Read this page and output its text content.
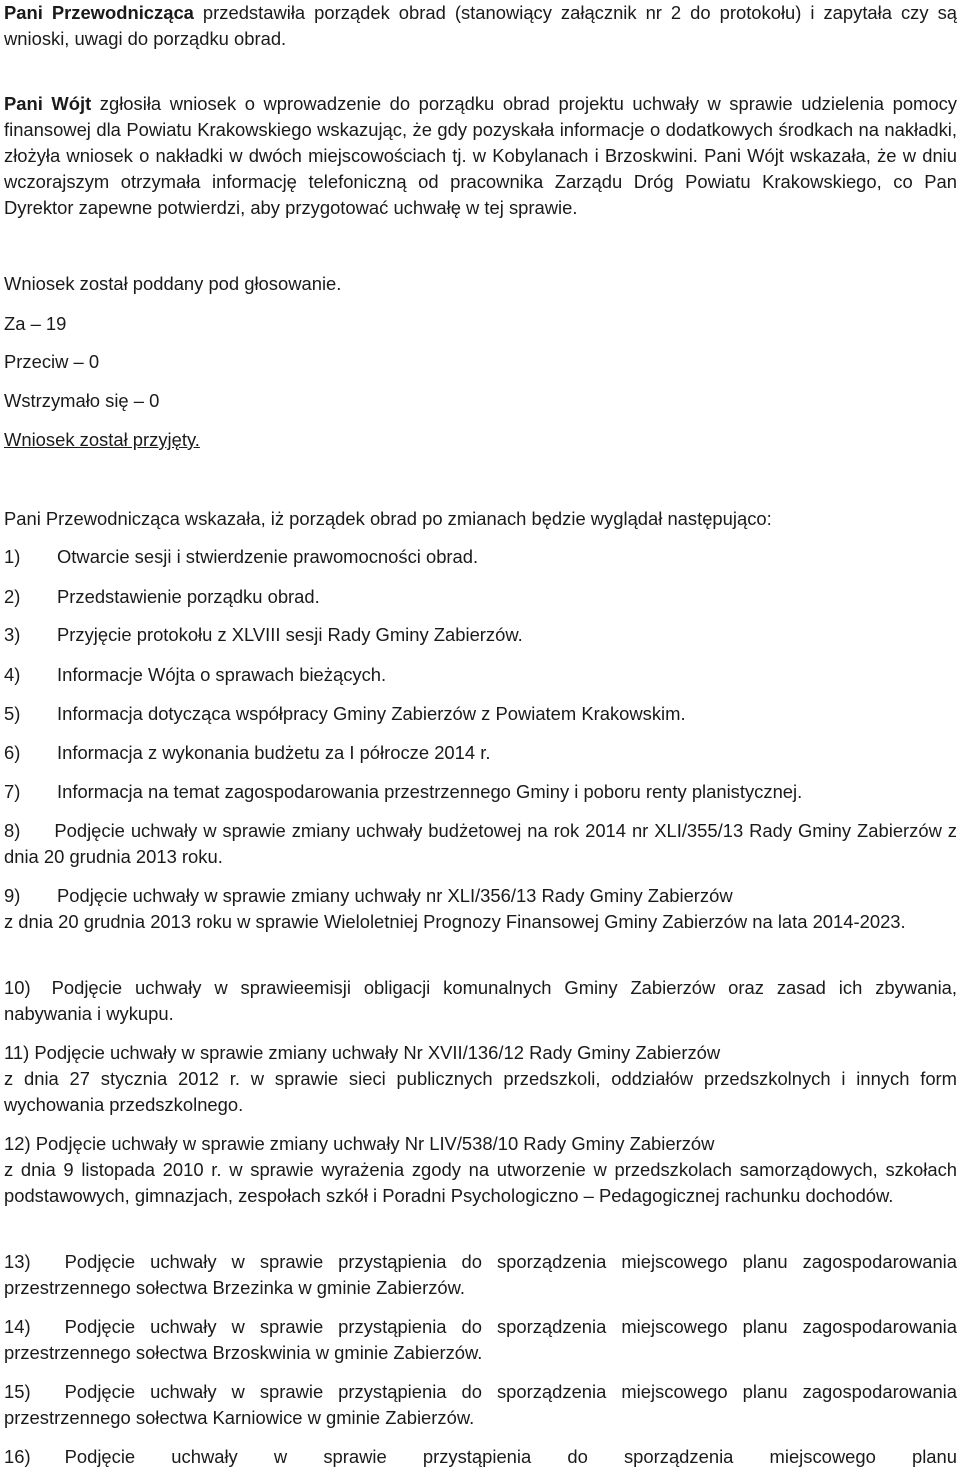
Pani Przewodnicząca przedstawiła porządek obrad (stanowiący załącznik nr 2 do protokołu) i zapytała czy są wnioski, uwagi do porządku obrad.

Pani Wójt zgłosiła wniosek o wprowadzenie do porządku obrad projektu uchwały w sprawie udzielenia pomocy finansowej dla Powiatu Krakowskiego wskazując, że gdy pozyskała informacje o dodatkowych środkach na nakładki, złożyła wniosek o nakładki w dwóch miejscowościach tj. w Kobylanach i Brzoskwini. Pani Wójt wskazała, że w dniu wczorajszym otrzymała informację telefoniczną od pracownika Zarządu Dróg Powiatu Krakowskiego, co Pan Dyrektor zapewne potwierdzi, aby przygotować uchwałę w tej sprawie.

Wniosek został poddany pod głosowanie.

Za – 19

Przeciw – 0

Wstrzymało się – 0

Wniosek został przyjęty.

Pani Przewodnicząca wskazała, iż porządek obrad po zmianach będzie wyglądał następująco:

1) Otwarcie sesji i stwierdzenie prawomocności obrad.

2) Przedstawienie porządku obrad.

3) Przyjęcie protokołu z XLVIII sesji Rady Gminy Zabierzów.

4) Informacje Wójta o sprawach bieżących.

5) Informacja dotycząca współpracy Gminy Zabierzów z Powiatem Krakowskim.

6) Informacja z wykonania budżetu za I półrocze 2014 r.

7) Informacja na temat zagospodarowania przestrzennego Gminy i poboru renty planistycznej.

8) Podjęcie uchwały w sprawie zmiany uchwały budżetowej na rok 2014 nr XLI/355/13 Rady Gminy Zabierzów z dnia 20 grudnia 2013 roku.

9) Podjęcie uchwały w sprawie zmiany uchwały nr XLI/356/13 Rady Gminy Zabierzów

z dnia 20 grudnia 2013 roku w sprawie Wieloletniej Prognozy Finansowej Gminy Zabierzów na lata 2014-2023.

10) Podjęcie uchwały w sprawieemisji obligacji komunalnych Gminy Zabierzów oraz zasad ich zbywania, nabywania i wykupu.

11) Podjęcie uchwały w sprawie zmiany uchwały Nr XVII/136/12 Rady Gminy Zabierzów

z dnia 27 stycznia 2012 r. w sprawie sieci publicznych przedszkoli, oddziałów przedszkolnych i innych form wychowania przedszkolnego.

12) Podjęcie uchwały w sprawie zmiany uchwały Nr LIV/538/10 Rady Gminy Zabierzów

z dnia 9 listopada 2010 r. w sprawie wyrażenia zgody na utworzenie w przedszkolach samorządowych, szkołach podstawowych, gimnazjach, zespołach szkół i Poradni Psychologiczno – Pedagogicznej rachunku dochodów.

13) Podjęcie uchwały w sprawie przystąpienia do sporządzenia miejscowego planu zagospodarowania przestrzennego sołectwa Brzezinka w gminie Zabierzów.

14) Podjęcie uchwały w sprawie przystąpienia do sporządzenia miejscowego planu zagospodarowania przestrzennego sołectwa Brzoskwinia w gminie Zabierzów.

15) Podjęcie uchwały w sprawie przystąpienia do sporządzenia miejscowego planu zagospodarowania przestrzennego sołectwa Karniowice w gminie Zabierzów.

16) Podjęcie uchwały w sprawie przystąpienia do sporządzenia miejscowego planu
